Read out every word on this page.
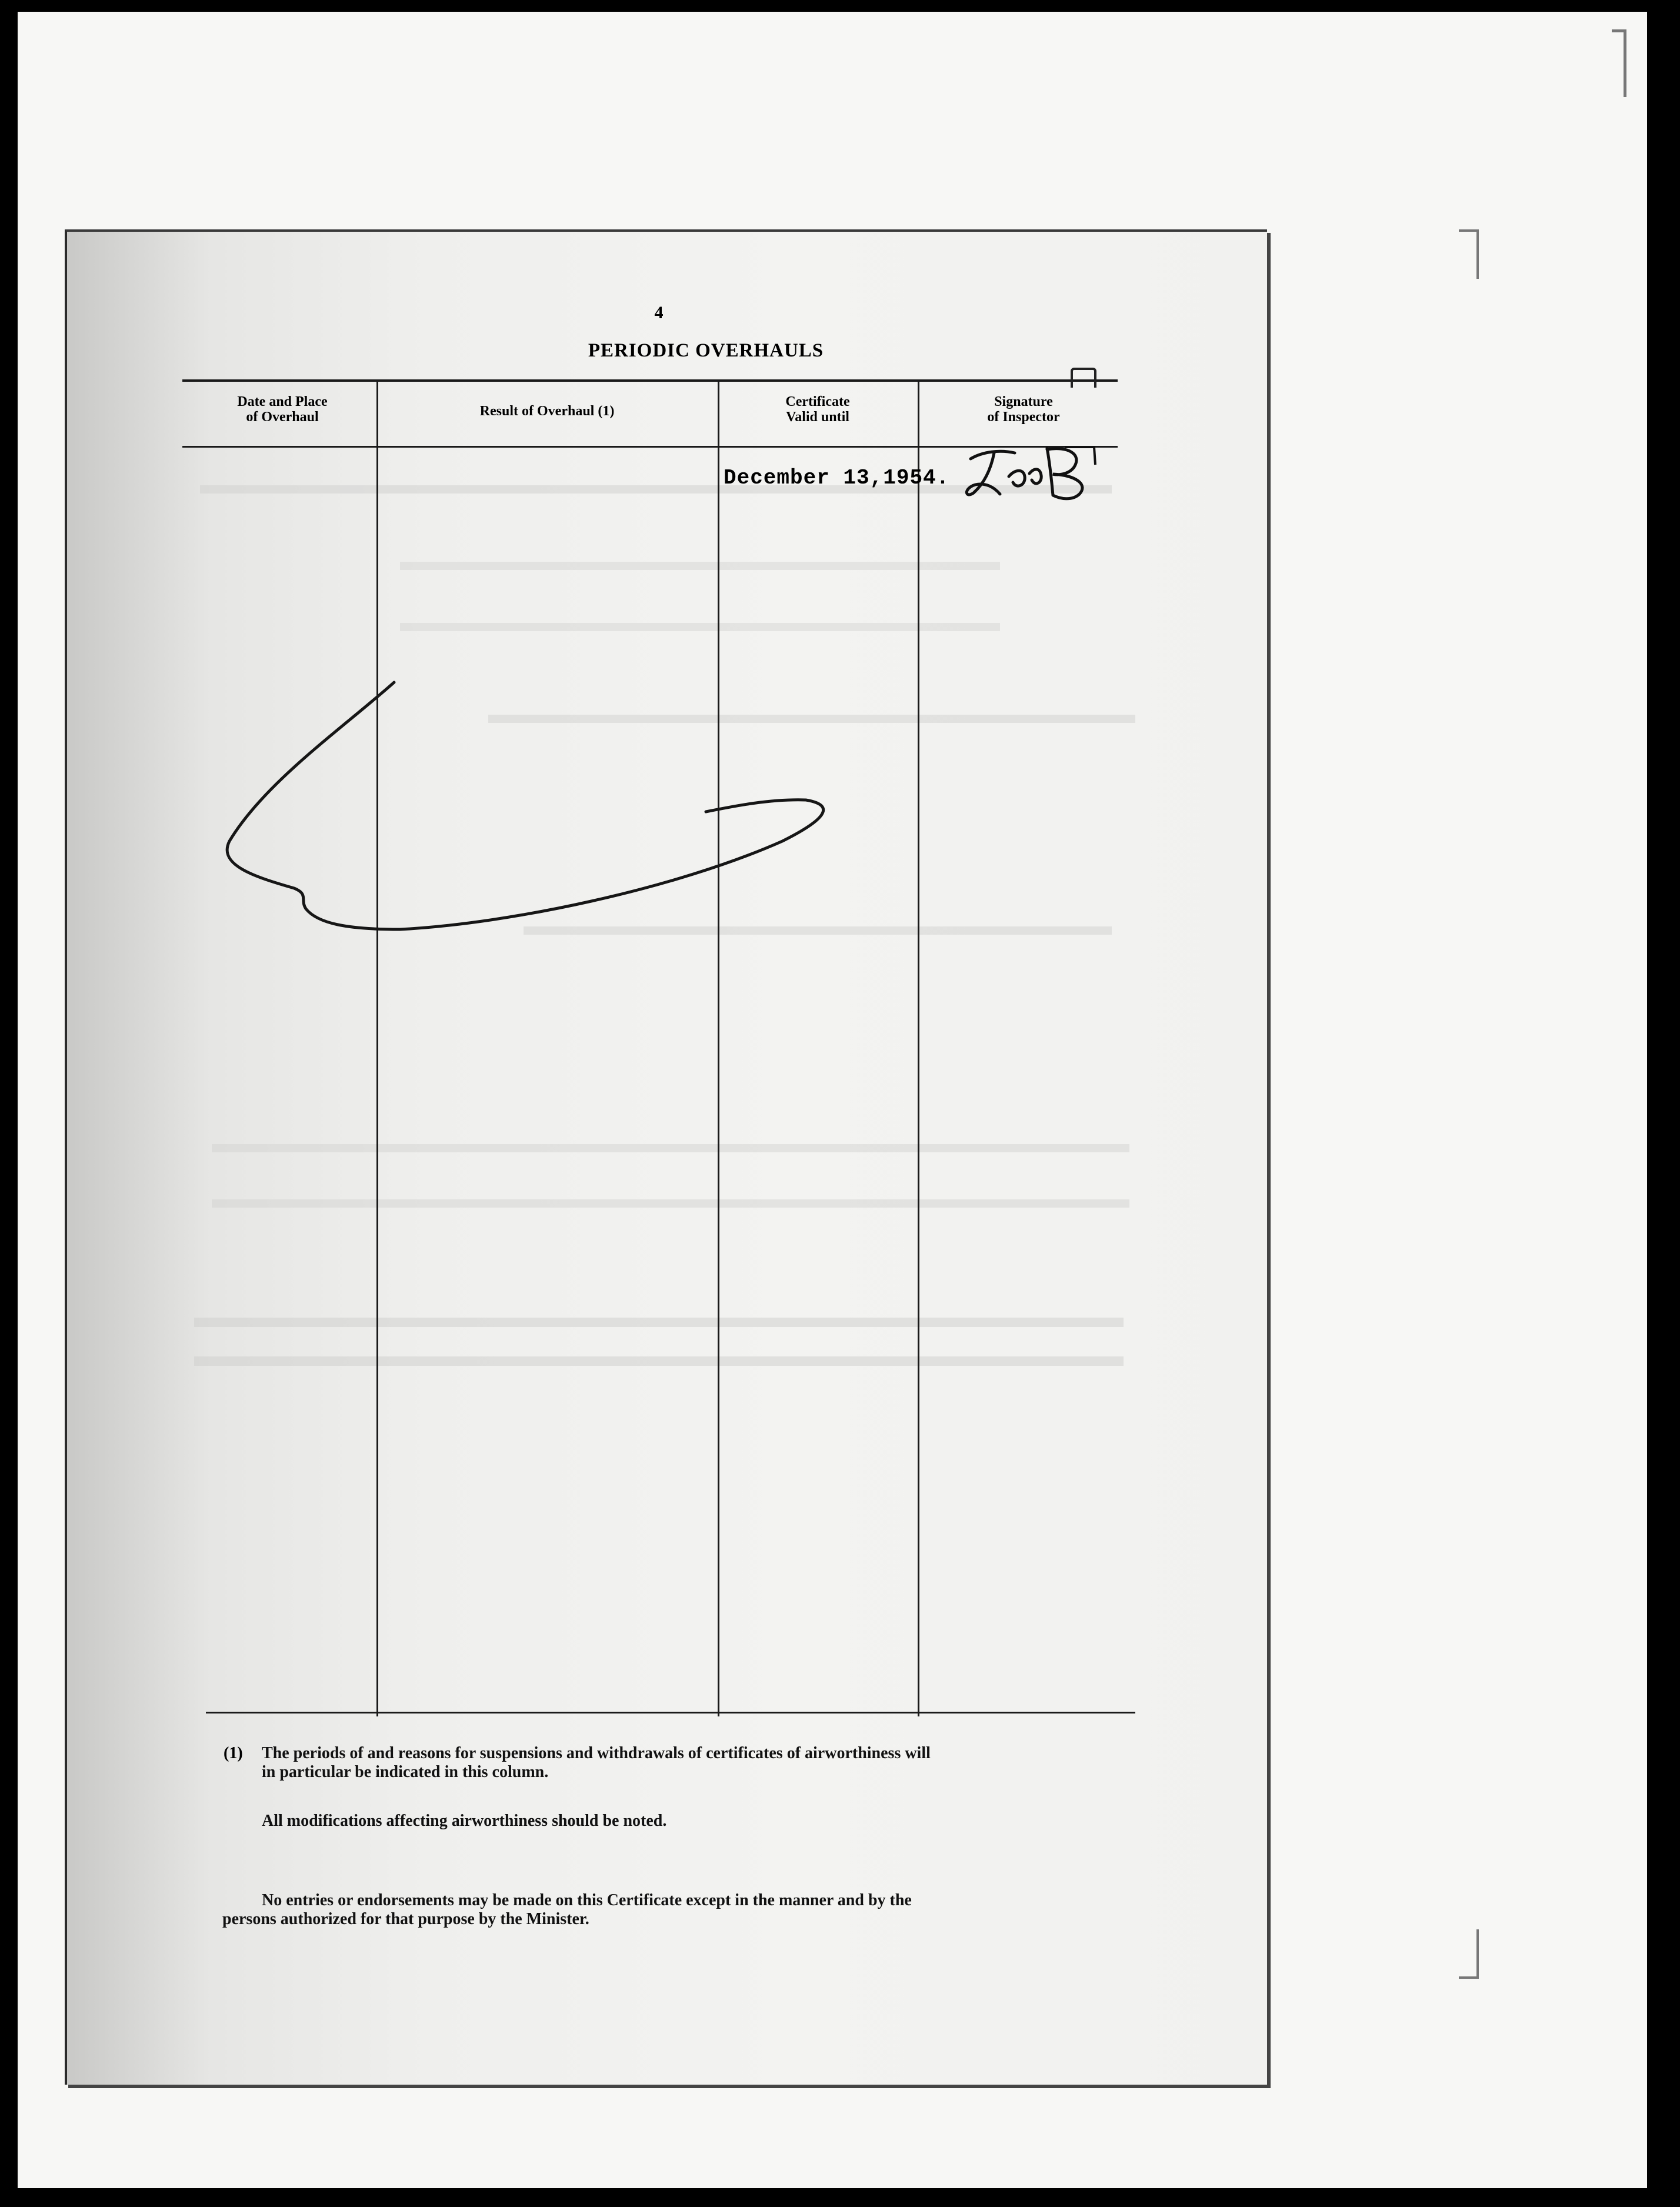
4
PERIODIC OVERHAULS
Date and Place
of Overhaul	Result of Overhaul (1)
Certificate
Valid until
Signature
of Inspector
December 13,1954.
(1) The periods of and reasons for suspensions and withdrawals of certificates of airworthiness will
in particular be indicated in this column.
All modifications affecting airworthiness should be noted.
No entries or endorsements may be made on this Certificate except in the manner and by the
persons authorized for that purpose by the Minister.
